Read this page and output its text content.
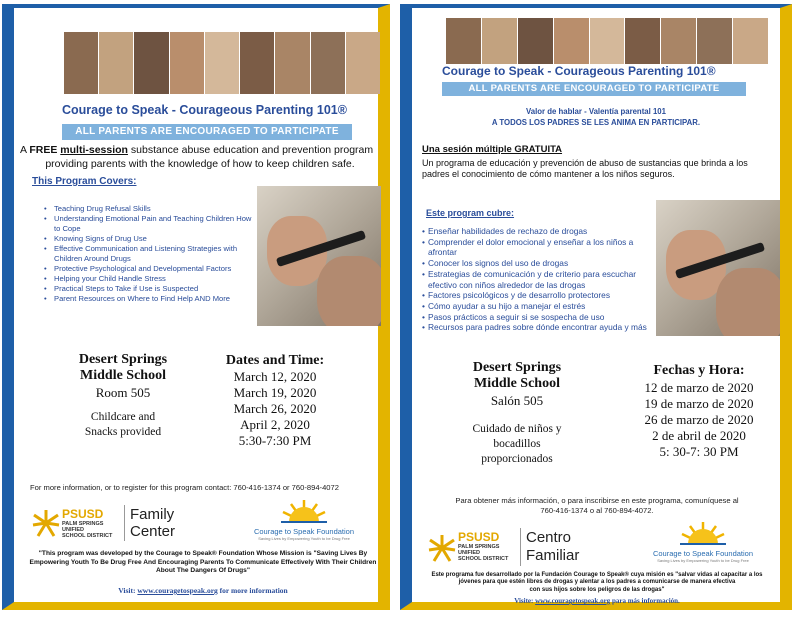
Courage to Speak - Courageous Parenting 101®
ALL PARENTS ARE ENCOURAGED TO PARTICIPATE
A FREE multi-session substance abuse education and prevention program
providing parents with the knowledge of how to keep children safe.
This Program Covers:
• Teaching Drug Refusal Skills
• Understanding Emotional Pain and Teaching Children How to Cope
• Knowing Signs of Drug Use
• Effective Communication and Listening Strategies with Children Around Drugs
• Protective Psychological and Developmental Factors
• Helping your Child Handle Stress
• Practical Steps to Take if Use is Suspected
• Parent Resources on Where to Find Help AND More
Desert Springs
Middle School
Room 505
Childcare and
Snacks provided
Dates and Time:
March 12, 2020
March 19, 2020
March 26, 2020
April 2, 2020
5:30-7:30 PM
For more information, or to register for this program contact: 760-416-1374 or 760-894-4072
PSUSD
PALM SPRINGS
UNIFIED
SCHOOL DISTRICT
Family
Center	Courage to Speak Foundation
Saving Lives by Empowering Youth to be Drug Free
"This program was developed by the Courage to Speak® Foundation Whose Mission is "Saving Lives By Empowering Youth To Be Drug Free And Encouraging Parents To Communicate Effectively With Their Children About The Dangers Of Drugs"
Visit: www.couragetospeak.org for more information
Courage to Speak - Courageous Parenting 101®
ALL PARENTS ARE ENCOURAGED TO PARTICIPATE
Valor de hablar - Valentía parental 101
A TODOS LOS PADRES SE LES ANIMA EN PARTICIPAR.
Una sesión múltiple GRATUITA
Un programa de educación y prevención de abuso de sustancias que brinda a los
padres el conocimiento de cómo mantener a los niños seguros.
Este program cubre:
• Enseñar habilidades de rechazo de drogas
• Comprender el dolor emocional y enseñar a los niños a afrontar
• Conocer los signos del uso de drogas
• Estrategias de comunicación y de criterio para escuchar efectivo con niños alrededor de las drogas
• Factores psicológicos y de desarrollo protectores
• Cómo ayudar a su hijo a manejar el estrés
• Pasos prácticos a seguir si se sospecha de uso
• Recursos para padres sobre dónde encontrar ayuda y más
Desert Springs
Middle School
Salón 505
Cuidado de niños y
bocadillos
proporcionados
Fechas y Hora:
12 de marzo de 2020
19 de marzo de 2020
26 de marzo de 2020
2 de abril de 2020
5: 30-7: 30 PM
Para obtener más información, o para inscribirse en este programa, comuníquese al
760-416-1374 o al 760-894-4072.
PSUSD
PALM SPRINGS
UNIFIED
SCHOOL DISTRICT
Centro
Familiar	Courage to Speak Foundation
Saving Lives by Empowering Youth to be Drug Free
Este programa fue desarrollado por la Fundación Courage to Speak® cuya misión es "salvar vidas al capacitar a los
jóvenes para que estén libres de drogas y alentar a los padres a comunicarse de manera efectiva
con sus hijos sobre los peligros de las drogas"
Visite: www.couragetospeak.org para más información.
